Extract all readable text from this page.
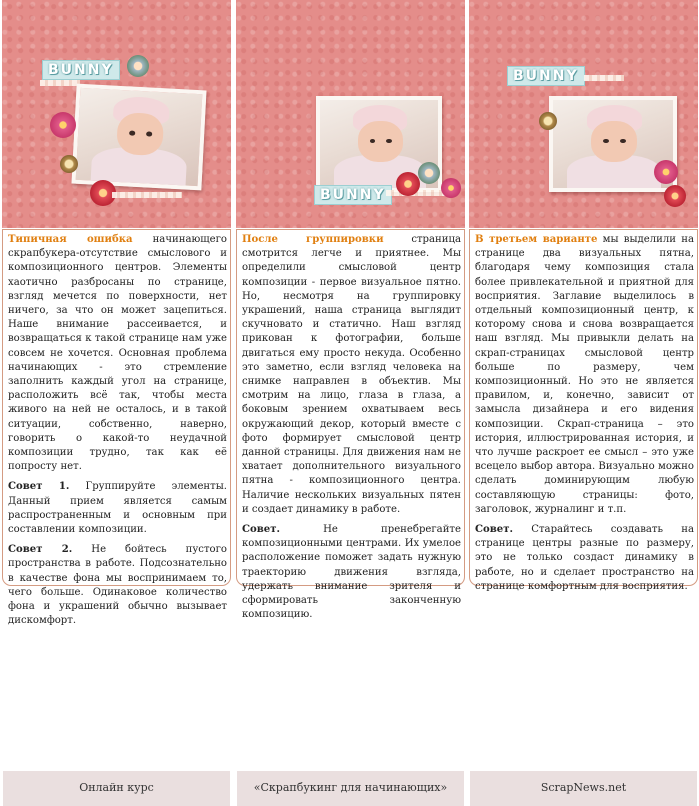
BUNNY

Типичная ошибка начинающего скрапбукера-отсутствие смыслового и композиционного центров. Элементы хаотично разбросаны по странице, взгляд мечется по поверхности, нет ничего, за что он может зацепиться. Наше внимание рассеивается, и возвращаться к такой странице нам уже совсем не хочется. Основная проблема начинающих - это стремление заполнить каждый угол на странице, расположить всё так, чтобы места живого на ней не осталось, и в такой ситуации, собственно, наверно, говорить о какой-то неудачной композиции трудно, так как её попросту нет.

Совет 1. Группируйте элементы. Данный прием является самым распространенным и основным при составлении композиции.

Совет 2. Не бойтесь пустого пространства в работе. Подсознательно в качестве фона мы воспринимаем то, чего больше. Одинаковое количество фона и украшений обычно вызывает дискомфорт.

Онлайн курс
BUNNY

После группировки страница смотрится легче и приятнее. Мы определили смысловой центр композиции - первое визуальное пятно. Но, несмотря на группировку украшений, наша страница выглядит скучновато и статично. Наш взгляд прикован к фотографии, больше двигаться ему просто некуда. Особенно это заметно, если взгляд человека на снимке направлен в объектив. Мы смотрим на лицо, глаза в глаза, а боковым зрением охватываем весь окружающий декор, который вместе с фото формирует смысловой центр данной страницы. Для движения нам не хватает дополнительного визуального пятна - композиционного центра. Наличие нескольких визуальных пятен и создает динамику в работе.

Совет. Не пренебрегайте композиционными центрами. Их умелое расположение поможет задать нужную траекторию движения взгляда, удержать внимание зрителя и сформировать законченную композицию.

«Скрапбукинг для начинающих»
BUNNY

В третьем варианте мы выделили на странице два визуальных пятна, благодаря чему композиция стала более привлекательной и приятной для восприятия. Заглавие выделилось в отдельный композиционный центр, к которому снова и снова возвращается наш взгляд. Мы привыкли делать на скрап-страницах смысловой центр больше по размеру, чем композиционный. Но это не является правилом, и, конечно, зависит от замысла дизайнера и его видения композиции. Скрап-страница – это история, иллюстрированная история, и что лучше раскроет ее смысл – это уже всецело выбор автора. Визуально можно сделать доминирующим любую составляющую страницы: фото, заголовок, журналинг и т.п.

Совет. Старайтесь создавать на странице центры разные по размеру, это не только создаст динамику в работе, но и сделает пространство на странице комфортным для восприятия.

ScrapNews.net
